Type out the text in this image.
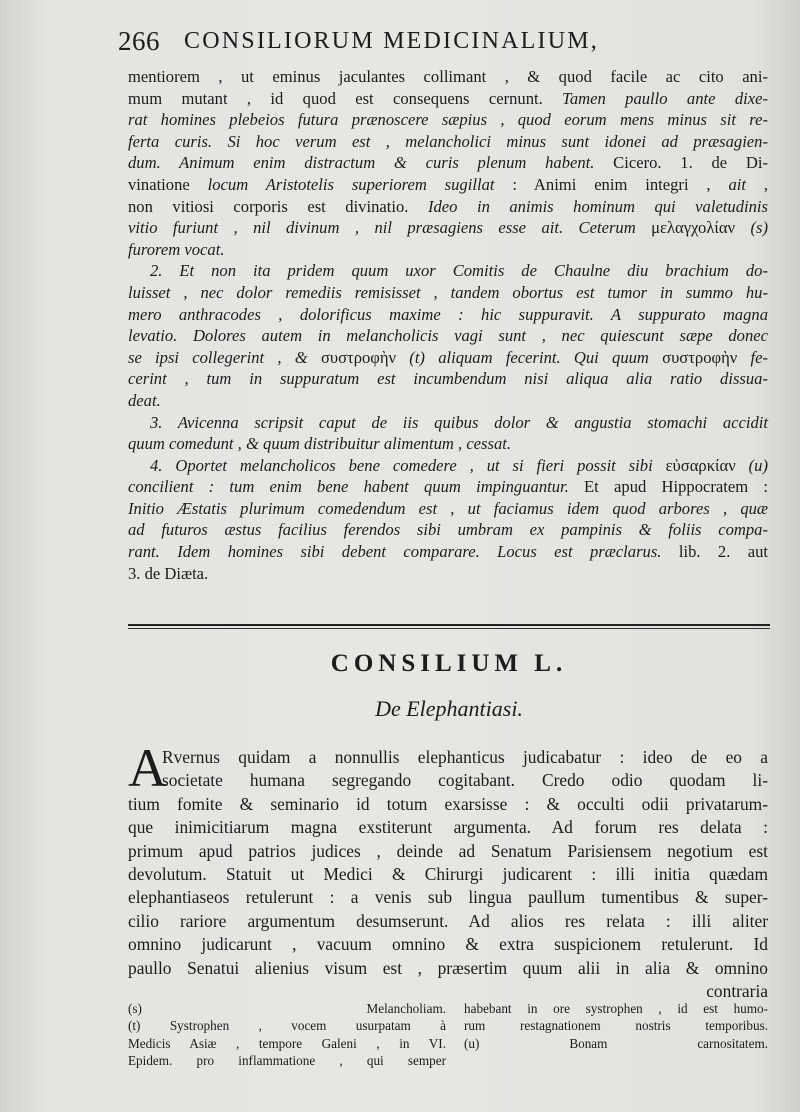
266 CONSILIORUM MEDICINALIUM,
mentiorem , ut eminus jaculantes collimant , & quod facile ac cito ani-
mum mutant , id quod est consequens cernunt. Tamen paullo ante dixe-
rat homines plebeios futura prænoscere sæpius , quod eorum mens minus sit re-
ferta curis. Si hoc verum est , melancholici minus sunt idonei ad præsagien-
dum. Animum enim distractum & curis plenum habent. Cicero. 1. de Di-
vinatione locum Aristotelis superiorem sugillat : Animi enim integri , ait ,
non vitiosi corporis est divinatio. Ideo in animis hominum qui valetudinis
vitio furiunt , nil divinum , nil præsagiens esse ait. Ceterum μελαγχολίαν (s)
furorem vocat.
2. Et non ita pridem quum uxor Comitis de Chaulne diu brachium do-
luisset , nec dolor remediis remisisset , tandem obortus est tumor in summo hu-
mero anthracodes , dolorificus maxime : hic suppuravit. A suppurato magna
levatio. Dolores autem in melancholicis vagi sunt , nec quiescunt sæpe donec
se ipsi collegerint , & συστροφὴν (t) aliquam fecerint. Qui quum συστροφὴν fe-
cerint , tum in suppuratum est incumbendum nisi aliqua alia ratio dissua-
deat.
3. Avicenna scripsit caput de iis quibus dolor & angustia stomachi accidit
quum comedunt , & quum distribuitur alimentum , cessat.
4. Oportet melancholicos bene comedere , ut si fieri possit sibi εὐσαρκίαν (u)
concilient : tum enim bene habent quum impinguantur. Et apud Hippocratem :
Initio Æstatis plurimum comedendum est , ut faciamus idem quod arbores , quæ
ad futuros æstus facilius ferendos sibi umbram ex pampinis & foliis compa-
rant. Idem homines sibi debent comparare. Locus est præclarus. lib. 2. aut
3. de Diæta.
CONSILIUM L.
De Elephantiasi.
A
Rvernus quidam a nonnullis elephanticus judicabatur : ideo de eo a
societate humana segregando cogitabant. Credo odio quodam li-
tium fomite & seminario id totum exarsisse : & occulti odii privatarum-
que inimicitiarum magna exstiterunt argumenta. Ad forum res delata :
primum apud patrios judices , deinde ad Senatum Parisiensem negotium est
devolutum. Statuit ut Medici & Chirurgi judicarent : illi initia quædam
elephantiaseos retulerunt : a venis sub lingua paullum tumentibus & super-
cilio rariore argumentum desumserunt. Ad alios res relata : illi aliter
omnino judicarunt , vacuum omnino & extra suspicionem retulerunt. Id
paullo Senatui alienius visum est , præsertim quum alii in alia & omnino
contraria
(s) Melancholiam.
(t) Systrophen , vocem usurpatam à
Medicis Asiæ , tempore Galeni , in VI.
Epidem. pro inflammatione , qui semper
habebant in ore systrophen , id est humo-
rum restagnationem nostris temporibus.
(u) Bonam carnositatem.
